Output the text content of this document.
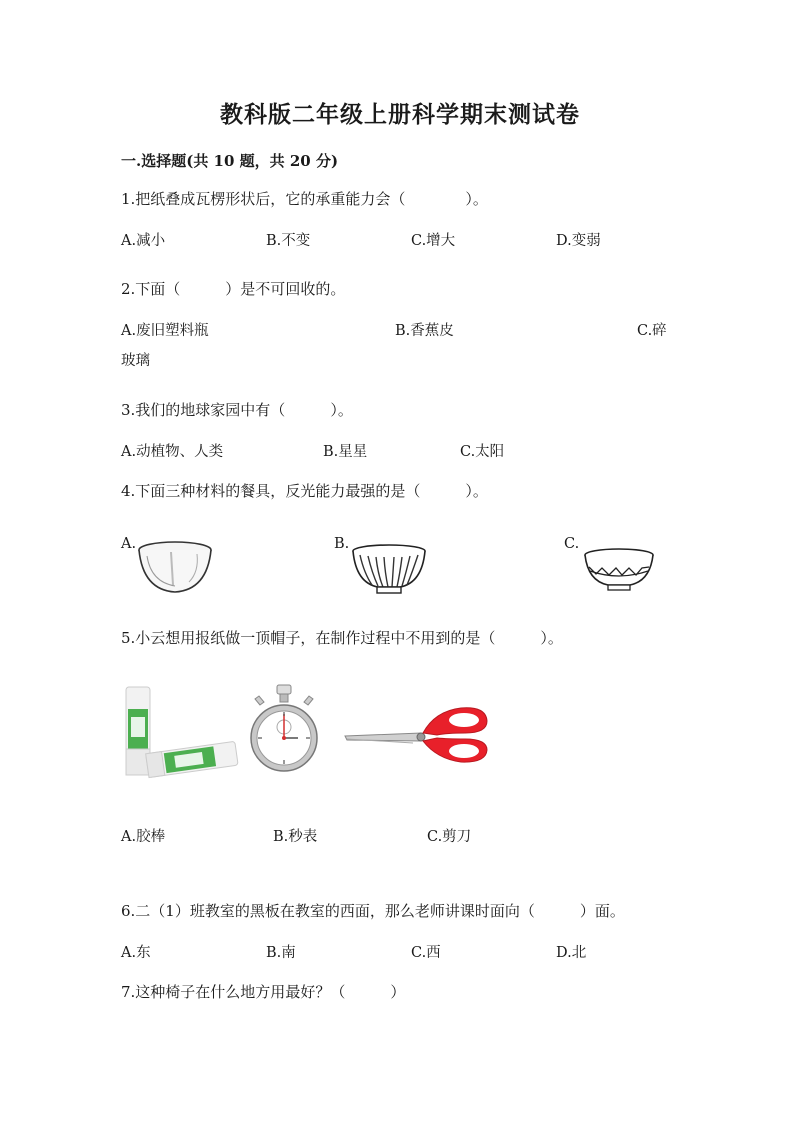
教科版二年级上册科学期末测试卷
一.选择题(共 10 题，共 20 分)
1.把纸叠成瓦楞形状后，它的承重能力会（　　　　）。
A.减小	B.不变	C.增大	D.变弱
2.下面（　　　）是不可回收的。
A.废旧塑料瓶	B.香蕉皮	C.碎
玻璃
3.我们的地球家园中有（　　　）。
A.动植物、人类	B.星星	C.太阳
4.下面三种材料的餐具，反光能力最强的是（　　　）。
A.	B.	C.
5.小云想用报纸做一顶帽子，在制作过程中不用到的是（　　　）。
A.胶棒	B.秒表	C.剪刀
6.二（1）班教室的黑板在教室的西面，那么老师讲课时面向（　　　）面。
A.东	B.南	C.西	D.北
7.这种椅子在什么地方用最好？（　　　）
